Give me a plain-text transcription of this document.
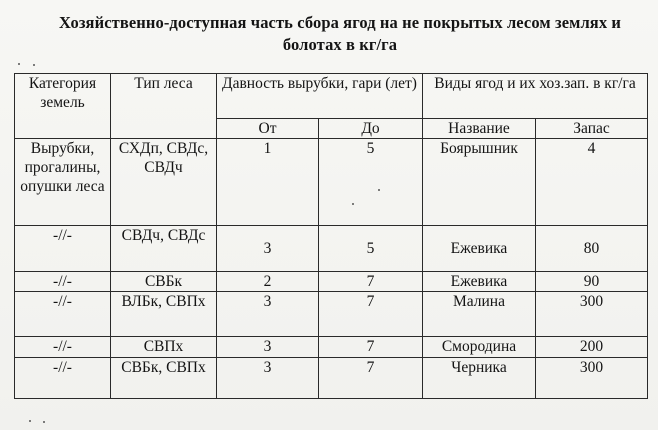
Хозяйственно-доступная часть сбора ягод на не покрытых лесом землях и болотах в кг/га
Категория земель	Тип леса	Давность вырубки, гари (лет)		Виды ягод и их хоз.зап. в кг/га	
		От	До	Название	Запас
Вырубки, прогалины, опушки леса	СХДп, СВДс, СВДч	1	5	Боярышник	4
-//-	СВДч, СВДс	3	5	Ежевика	80
-//-	СВБк	2	7	Ежевика	90
-//-	ВЛБк, СВПх	3	7	Малина	300
-//-	СВПх	3	7	Смородина	200
-//-	СВБк, СВПх	3	7	Черника	300
